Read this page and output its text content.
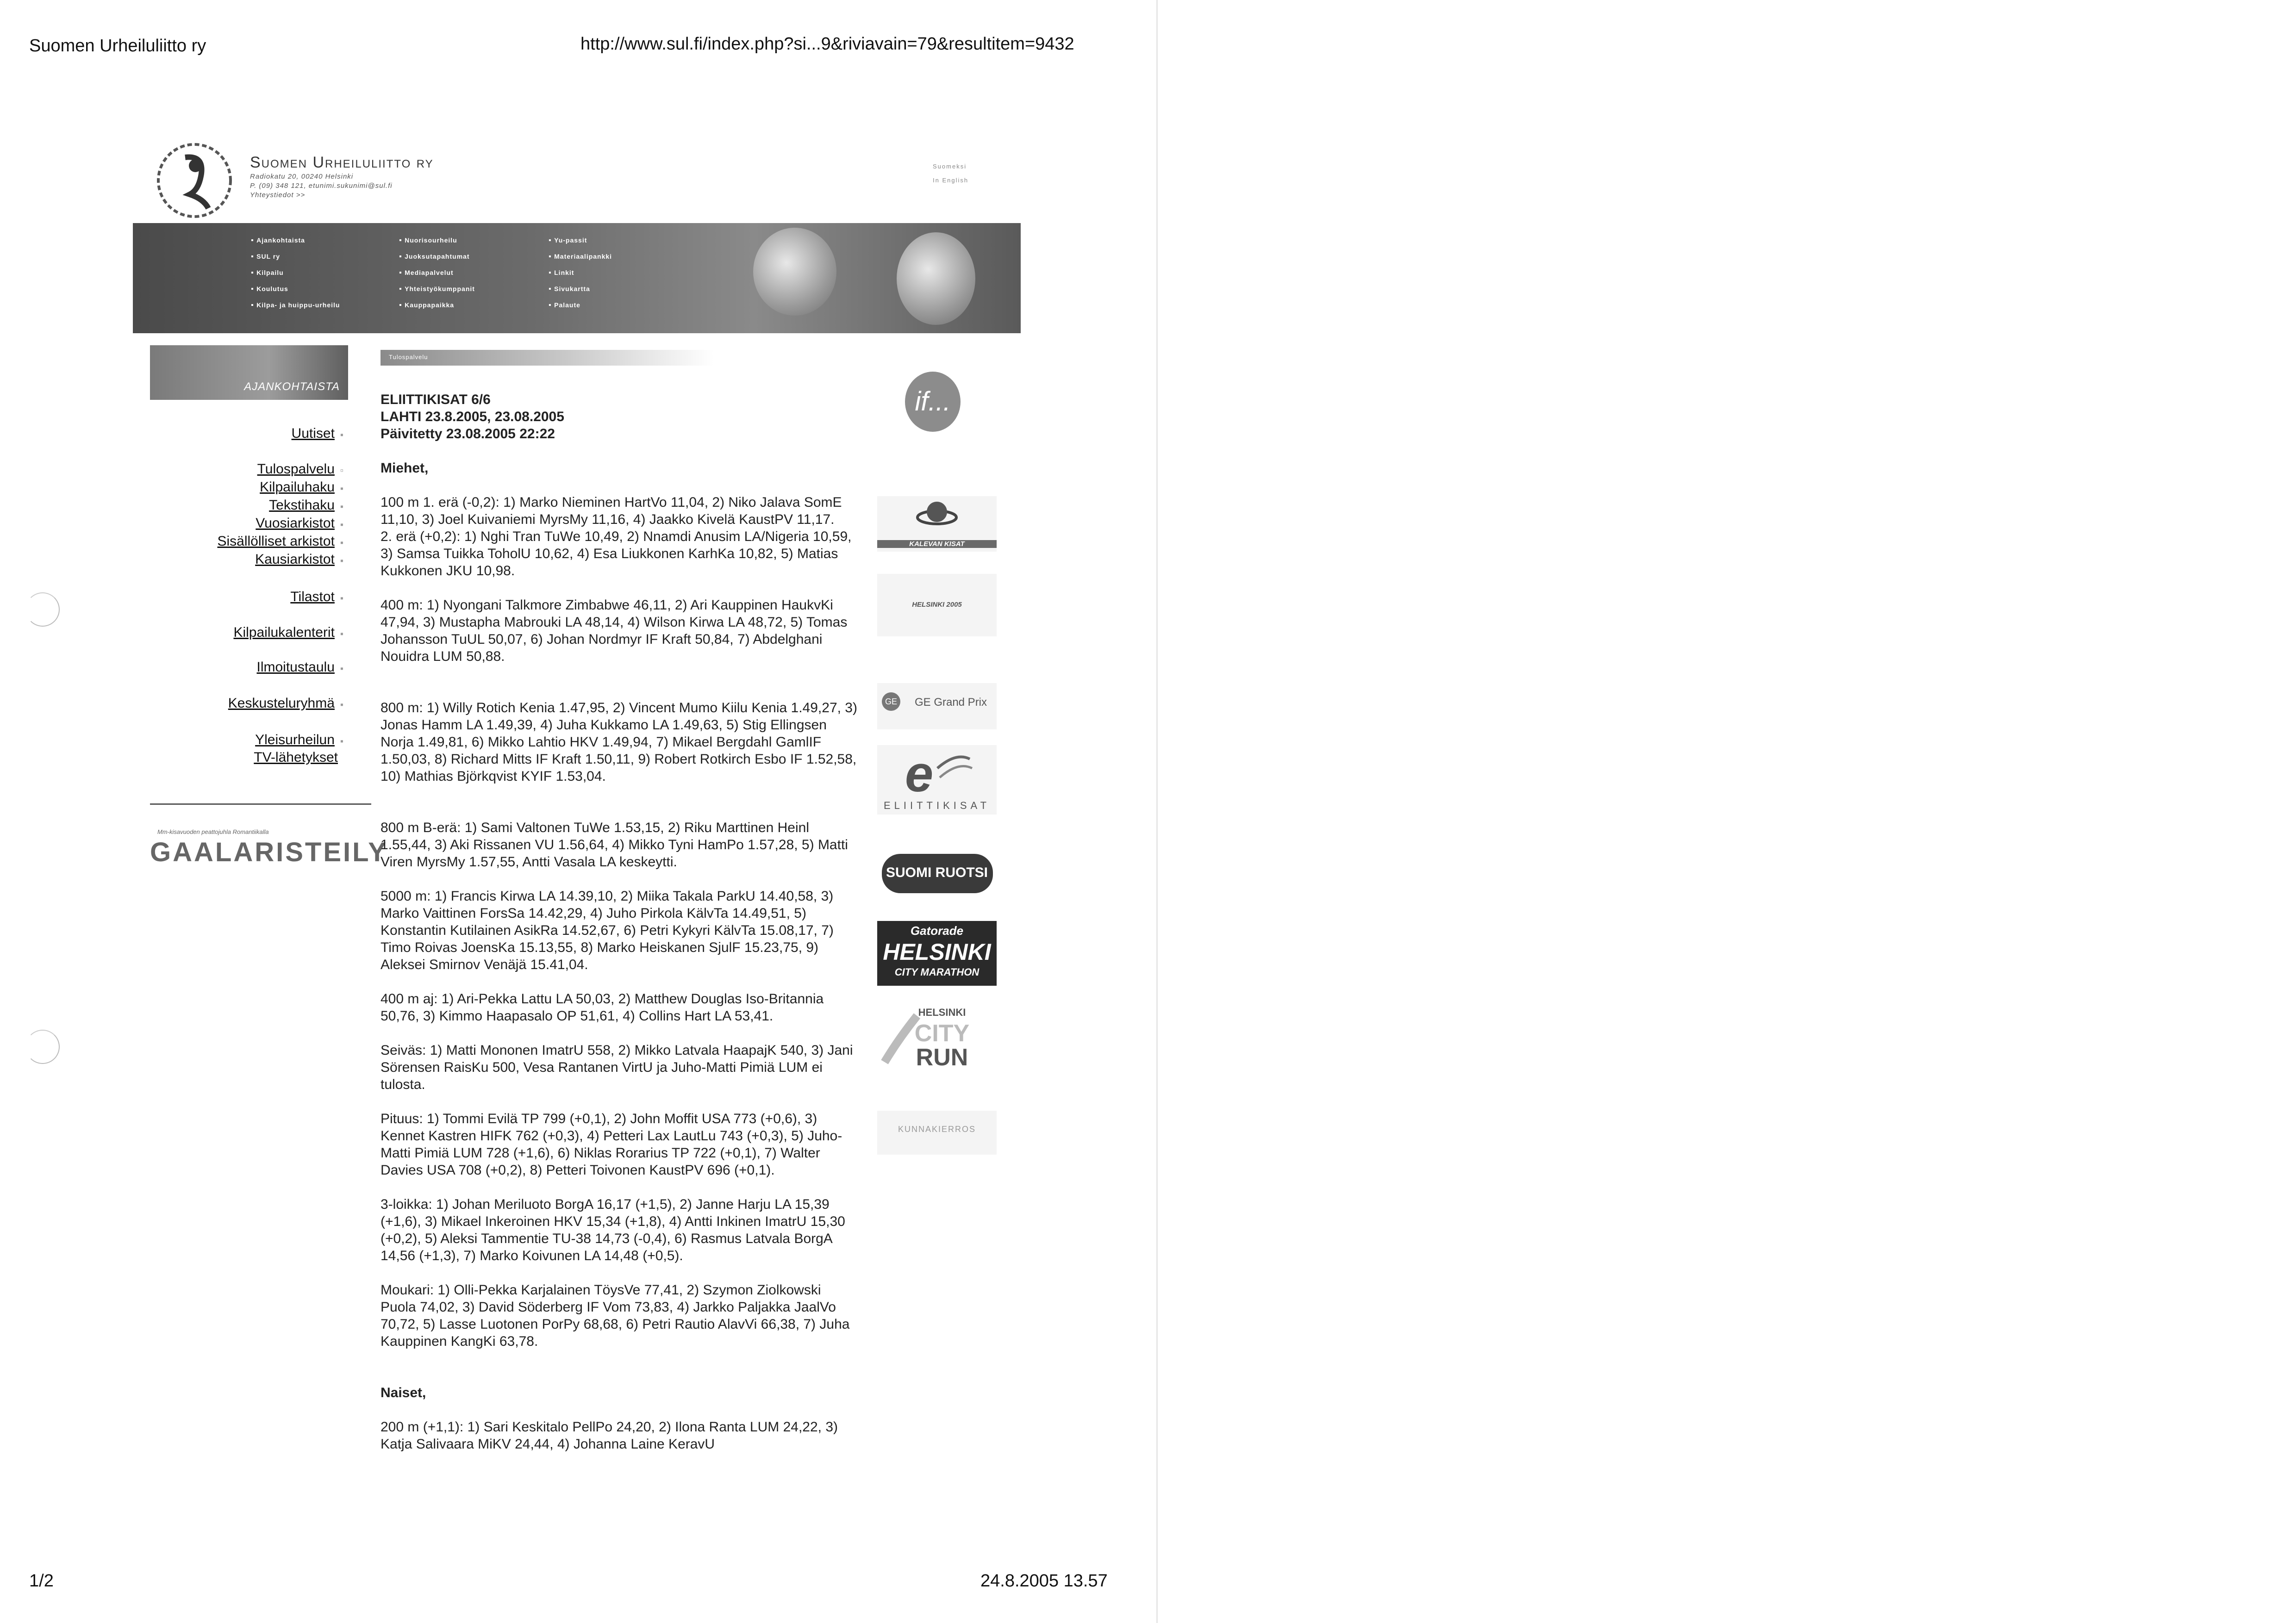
Suomen Urheiluliitto ry	http://www.sul.fi/index.php?si...9&riviavain=79&resultitem=9432
Suomen Urheiluliitto ry
Radiokatu 20, 00240 Helsinki
P. (09) 348 121, etunimi.sukunimi@sul.fi
Yhteystiedot >>
Suomeksi
In English
▪ Ajankohtaista
▪ SUL ry
▪ Kilpailu
▪ Koulutus
▪ Kilpa- ja huippu-urheilu
▪ Nuorisourheilu
▪ Juoksutapahtumat
▪ Mediapalvelut
▪ Yhteistyökumppanit
▪ Kauppapaikka
▪ Yu-passit
▪ Materiaalipankki
▪ Linkit
▪ Sivukartta
▪ Palaute
AJANKOHTAISTA
Uutiset ▪
Tulospalvelu ▫
Kilpailuhaku ▪
Tekstihaku ▪
Vuosiarkistot ▪
Sisällölliset arkistot ▪
Kausiarkistot ▪
Tilastot ▪
Kilpailukalenterit ▪
Ilmoitustaulu ▪
Keskusteluryhmä ▪
Yleisurheilun ▪
TV-lähetykset
Mm-kisavuoden peattojuhla Romantiikalla
GAALARISTEILY
Tulospalvelu
ELIITTIKISAT 6/6
LAHTI 23.8.2005, 23.08.2005
Päivitetty 23.08.2005 22:22

Miehet,

100 m 1. erä (-0,2): 1) Marko Nieminen HartVo 11,04, 2) Niko Jalava SomE 11,10, 3) Joel Kuivaniemi MyrsMy 11,16, 4) Jaakko Kivelä KaustPV 11,17.
2. erä (+0,2): 1) Nghi Tran TuWe 10,49, 2) Nnamdi Anusim LA/Nigeria 10,59, 3) Samsa Tuikka ToholU 10,62, 4) Esa Liukkonen KarhKa 10,82, 5) Matias Kukkonen JKU 10,98.

400 m: 1) Nyongani Talkmore Zimbabwe 46,11, 2) Ari Kauppinen HaukvKi 47,94, 3) Mustapha Mabrouki LA 48,14, 4) Wilson Kirwa LA 48,72, 5) Tomas Johansson TuUL 50,07, 6) Johan Nordmyr IF Kraft 50,84, 7) Abdelghani Nouidra LUM 50,88.

800 m: 1) Willy Rotich Kenia 1.47,95, 2) Vincent Mumo Kiilu Kenia 1.49,27, 3) Jonas Hamm LA 1.49,39, 4) Juha Kukkamo LA 1.49,63, 5) Stig Ellingsen Norja 1.49,81, 6) Mikko Lahtio HKV 1.49,94, 7) Mikael Bergdahl GamlIF 1.50,03, 8) Richard Mitts IF Kraft 1.50,11, 9) Robert Rotkirch Esbo IF 1.52,58, 10) Mathias Björkqvist KYIF 1.53,04.

800 m B-erä: 1) Sami Valtonen TuWe 1.53,15, 2) Riku Marttinen Heinl 1.55,44, 3) Aki Rissanen VU 1.56,64, 4) Mikko Tyni HamPo 1.57,28, 5) Matti Viren MyrsMy 1.57,55, Antti Vasala LA keskeytti.

5000 m: 1) Francis Kirwa LA 14.39,10, 2) Miika Takala ParkU 14.40,58, 3) Marko Vaittinen ForsSa 14.42,29, 4) Juho Pirkola KälvTa 14.49,51, 5) Konstantin Kutilainen AsikRa 14.52,67, 6) Petri Kykyri KälvTa 15.08,17, 7) Timo Roivas JoensKa 15.13,55, 8) Marko Heiskanen SjulF 15.23,75, 9) Aleksei Smirnov Venäjä 15.41,04.

400 m aj: 1) Ari-Pekka Lattu LA 50,03, 2) Matthew Douglas Iso-Britannia 50,76, 3) Kimmo Haapasalo OP 51,61, 4) Collins Hart LA 53,41.

Seiväs: 1) Matti Mononen ImatrU 558, 2) Mikko Latvala HaapajK 540, 3) Jani Sörensen RaisKu 500, Vesa Rantanen VirtU ja Juho-Matti Pimiä LUM ei tulosta.

Pituus: 1) Tommi Evilä TP 799 (+0,1), 2) John Moffit USA 773 (+0,6), 3) Kennet Kastren HIFK 762 (+0,3), 4) Petteri Lax LautLu 743 (+0,3), 5) Juho-Matti Pimiä LUM 728 (+1,6), 6) Niklas Rorarius TP 722 (+0,1), 7) Walter Davies USA 708 (+0,2), 8) Petteri Toivonen KaustPV 696 (+0,1).

3-loikka: 1) Johan Meriluoto BorgA 16,17 (+1,5), 2) Janne Harju LA 15,39 (+1,6), 3) Mikael Inkeroinen HKV 15,34 (+1,8), 4) Antti Inkinen ImatrU 15,30 (+0,2), 5) Aleksi Tammentie TU-38 14,73 (-0,4), 6) Rasmus Latvala BorgA 14,56 (+1,3), 7) Marko Koivunen LA 14,48 (+0,5).

Moukari: 1) Olli-Pekka Karjalainen TöysVe 77,41, 2) Szymon Ziolkowski Puola 74,02, 3) David Söderberg IF Vom 73,83, 4) Jarkko Paljakka JaalVo 70,72, 5) Lasse Luotonen PorPy 68,68, 6) Petri Rautio AlavVi 66,38, 7) Juha Kauppinen KangKi 63,78.

Naiset,

200 m (+1,1): 1) Sari Keskitalo PellPo 24,20, 2) Ilona Ranta LUM 24,22, 3) Katja Salivaara MiKV 24,44, 4) Johanna Laine KeravU

if...
KALEVAN KISAT
HELSINKI 2005
GE	GE Grand Prix
e
ELIITTIKISAT
SUOMI RUOTSI
Gatorade
HELSINKI
CITY MARATHON
HELSINKI
CITY
RUN
KUNNAKIERROS
1/2	24.8.2005 13.57
